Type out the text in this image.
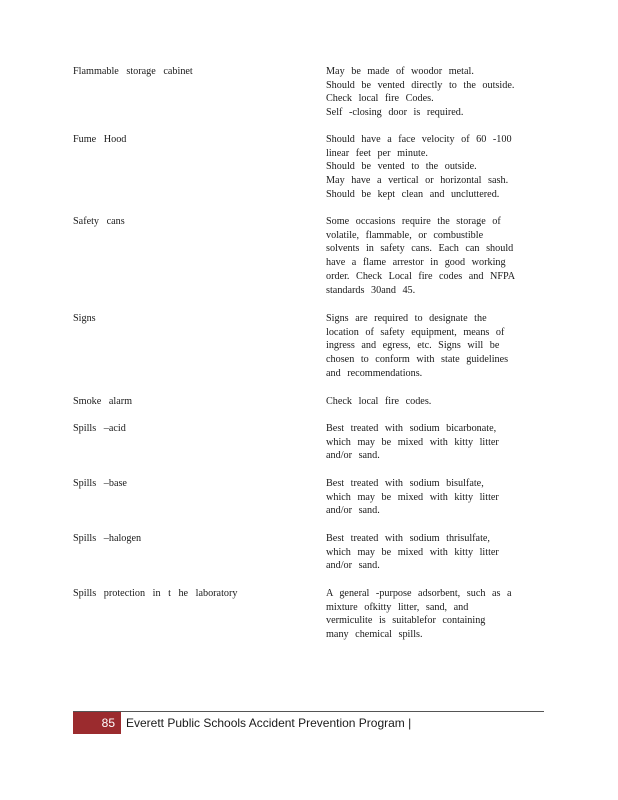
Flammable storage cabinet	May be made of woodor metal.
Should be vented directly to the outside.
Check local fire Codes.
Self -closing door is required.
Fume Hood	Should have a face velocity of 60 -100
linear feet per minute.
Should be vented to the outside.
May have a vertical or horizontal sash.
Should be kept clean and uncluttered.
Safety cans	Some occasions require the storage of
volatile, flammable, or combustible
solvents in safety cans. Each can should
have a flame arrestor in good working
order. Check Local fire codes and NFPA
standards 30and 45.
Signs	Signs are required to designate the
location of safety equipment, means of
ingress and egress, etc. Signs will be
chosen to conform with state guidelines
and recommendations.
Smoke alarm	Check local fire codes.
Spills –acid	Best treated with sodium bicarbonate,
which may be mixed with kitty litter
and/or sand.
Spills –base	Best treated with sodium bisulfate,
which may be mixed with kitty litter
and/or sand.
Spills –halogen	Best treated with sodium thrisulfate,
which may be mixed with kitty litter
and/or sand.
Spills protection in t he laboratory	A general -purpose adsorbent, such as a
mixture ofkitty litter, sand, and
vermiculite is suitablefor containing
many chemical spills.
85 Everett Public Schools Accident Prevention Program |
